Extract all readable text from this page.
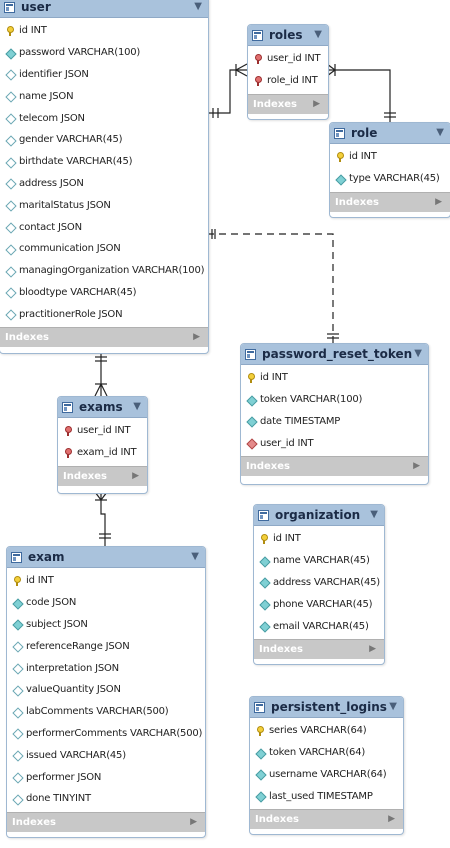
user	▼
id INT
password VARCHAR(100)
identifier JSON
name JSON
telecom JSON
gender VARCHAR(45)
birthdate VARCHAR(45)
address JSON
maritalStatus JSON
contact JSON
communication JSON
managingOrganization VARCHAR(100)
bloodtype VARCHAR(45)
practitionerRole JSON
Indexes	▶
roles ▼
user_id INT
role_id INT
Indexes ▶
role	▼
id INT
type VARCHAR(45)
Indexes	▶
password_reset_token ▼
id INT
token VARCHAR(100)
date TIMESTAMP
user_id INT
Indexes	▶
exams ▼
user_id INT
exam_id INT
Indexes	▶
exam	▼
id INT
code JSON
subject JSON
referenceRange JSON
interpretation JSON
valueQuantity JSON
labComments VARCHAR(500)
performerComments VARCHAR(500)
issued VARCHAR(45)
performer JSON
done TINYINT
Indexes	▶
organization ▼
id INT
name VARCHAR(45)
address VARCHAR(45)
phone VARCHAR(45)
email VARCHAR(45)
Indexes	▶
persistent_logins ▼
series VARCHAR(64)
token VARCHAR(64)
username VARCHAR(64)
last_used TIMESTAMP
Indexes	▶
